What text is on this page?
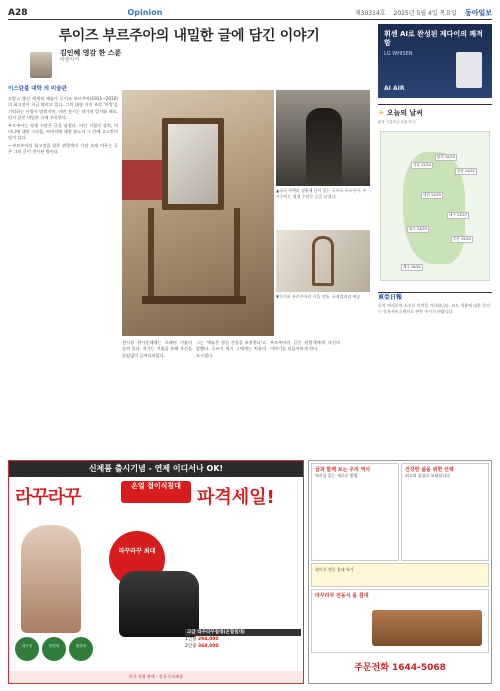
A28	Opinion	제30314호 2025년 5월 4일 목요일 동아일보
루이즈 부르주아의 내밀한 글에 담긴 이야기
김인혜 영감 한 스푼
미술사가
이스탄불 대학 의 미술관

프랑스 출신 세계적 예술가 루이즈 부르주아(1911~2010)의 회고전이 지금 열리고 있다. 그의 대형 거미 조각 '마망'을 기억하는 사람이 많겠지만, 이번 전시는 작가의 일기와 메모, 편지 같은 내밀한 글에 주목한다.

부르주아는 평생 수많은 글을 남겼다. 어린 시절의 상처, 어머니에 대한 그리움, 아버지에 대한 분노가 그 안에 고스란히 담겨 있다.

—부르주아의 회고전을 찾은 관람객이 가장 오래 머무는 곳은 그의 글이 전시된 방이다.

▲파리 자택의 정원에 앉아 있는 루이즈 부르주아. 부르주아는 평생 수많은 글을 남겼다.
▼루이즈 부르주아의 거울 작품. 국제갤러리 제공
전시장 한가운데에는 오래된 거울이 놓여 있다. 작가는 거울을 통해 자신을 끊임없이 들여다보았다.
그는 '예술은 정신 건강을 보장한다'고 말했다. 글쓰기 역시 그에게는 치유의 도구였다.
부르주아의 글은 관람객에게 자신의 이야기를 되돌아보게 한다.
휘센 AI로 완성된 제다이의 쾌적함
LG WHISEN
AI AIR
☀ 오늘의 날씨
맑음 구름조금 흐림 비 눈
서울 12/24
춘천 10/25
강릉 14/22
대전 12/25
광주 13/25
대구 13/27
부산 15/22
제주 16/21
東亞日報
독자 여러분의 소중한 의견을 기다립니다. 보도 내용에 대한 문의는 독자서비스센터로 연락 주시기 바랍니다.
신제품 출시기념 - 연제 이디서나 OK!
라꾸라꾸
온열 접이식침대
파격세일!
라꾸라꾸 최대
내구성	안전성	편리성
고급 라꾸라꾸침대(온열침대)
1인용 294,000
2인용 368,000
본사 직영 판매 - 전국 무료배송
글과 함께 보는 우리 역사
역사를 읽는 새로운 방법
건강한 삶을 위한 선택
최고의 품질로 보답합니다
접이식 전동 침대 특가
라꾸라꾸 전동식 돌 침대
주문전화 1644-5068
